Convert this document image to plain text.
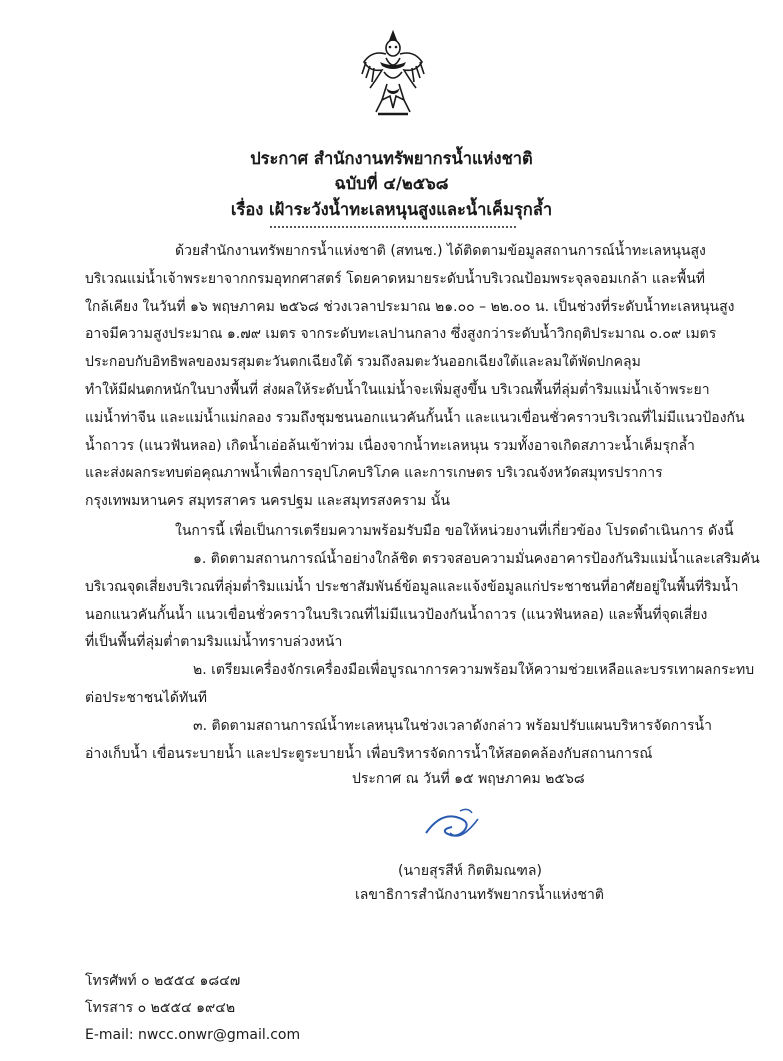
ประกาศ สำนักงานทรัพยากรน้ำแห่งชาติ
ฉบับที่ ๔/๒๕๖๘
เรื่อง เฝ้าระวังน้ำทะเลหนุนสูงและน้ำเค็มรุกล้ำ
ด้วยสำนักงานทรัพยากรน้ำแห่งชาติ (สทนช.) ได้ติดตามข้อมูลสถานการณ์น้ำทะเลหนุนสูง
บริเวณแม่น้ำเจ้าพระยาจากกรมอุทกศาสตร์ โดยคาดหมายระดับน้ำบริเวณป้อมพระจุลจอมเกล้า และพื้นที่
ใกล้เคียง ในวันที่ ๑๖ พฤษภาคม ๒๕๖๘ ช่วงเวลาประมาณ ๒๑.๐๐ – ๒๒.๐๐ น. เป็นช่วงที่ระดับน้ำทะเลหนุนสูง
อาจมีความสูงประมาณ ๑.๗๙ เมตร จากระดับทะเลปานกลาง ซึ่งสูงกว่าระดับน้ำวิกฤติประมาณ ๐.๐๙ เมตร
ประกอบกับอิทธิพลของมรสุมตะวันตกเฉียงใต้ รวมถึงลมตะวันออกเฉียงใต้และลมใต้พัดปกคลุม
ทำให้มีฝนตกหนักในบางพื้นที่ ส่งผลให้ระดับน้ำในแม่น้ำจะเพิ่มสูงขึ้น บริเวณพื้นที่ลุ่มต่ำริมแม่น้ำเจ้าพระยา
แม่น้ำท่าจีน และแม่น้ำแม่กลอง รวมถึงชุมชนนอกแนวคันกั้นน้ำ และแนวเขื่อนชั่วคราวบริเวณที่ไม่มีแนวป้องกัน
น้ำถาวร (แนวฟันหลอ) เกิดน้ำเอ่อล้นเข้าท่วม เนื่องจากน้ำทะเลหนุน รวมทั้งอาจเกิดสภาวะน้ำเค็มรุกล้ำ
และส่งผลกระทบต่อคุณภาพน้ำเพื่อการอุปโภคบริโภค และการเกษตร บริเวณจังหวัดสมุทรปราการ
กรุงเทพมหานคร สมุทรสาคร นครปฐม และสมุทรสงคราม นั้น
ในการนี้ เพื่อเป็นการเตรียมความพร้อมรับมือ ขอให้หน่วยงานที่เกี่ยวข้อง โปรดดำเนินการ ดังนี้
๑. ติดตามสถานการณ์น้ำอย่างใกล้ชิด ตรวจสอบความมั่นคงอาคารป้องกันริมแม่น้ำและเสริมคัน
บริเวณจุดเสี่ยงบริเวณที่ลุ่มต่ำริมแม่น้ำ ประชาสัมพันธ์ข้อมูลและแจ้งข้อมูลแก่ประชาชนที่อาศัยอยู่ในพื้นที่ริมน้ำ
นอกแนวคันกั้นน้ำ แนวเขื่อนชั่วคราวในบริเวณที่ไม่มีแนวป้องกันน้ำถาวร (แนวฟันหลอ) และพื้นที่จุดเสี่ยง
ที่เป็นพื้นที่ลุ่มต่ำตามริมแม่น้ำทราบล่วงหน้า
๒. เตรียมเครื่องจักรเครื่องมือเพื่อบูรณาการความพร้อมให้ความช่วยเหลือและบรรเทาผลกระทบ
ต่อประชาชนได้ทันที
๓. ติดตามสถานการณ์น้ำทะเลหนุนในช่วงเวลาดังกล่าว พร้อมปรับแผนบริหารจัดการน้ำ
อ่างเก็บน้ำ เขื่อนระบายน้ำ และประตูระบายน้ำ เพื่อบริหารจัดการน้ำให้สอดคล้องกับสถานการณ์
ประกาศ ณ วันที่ ๑๕ พฤษภาคม ๒๕๖๘
(นายสุรสีห์ กิตติมณฑล)
เลขาธิการสำนักงานทรัพยากรน้ำแห่งชาติ
โทรศัพท์ ๐ ๒๕๕๔ ๑๘๔๗
โทรสาร ๐ ๒๕๕๔ ๑๙๔๒
E-mail: nwcc.onwr@gmail.com
